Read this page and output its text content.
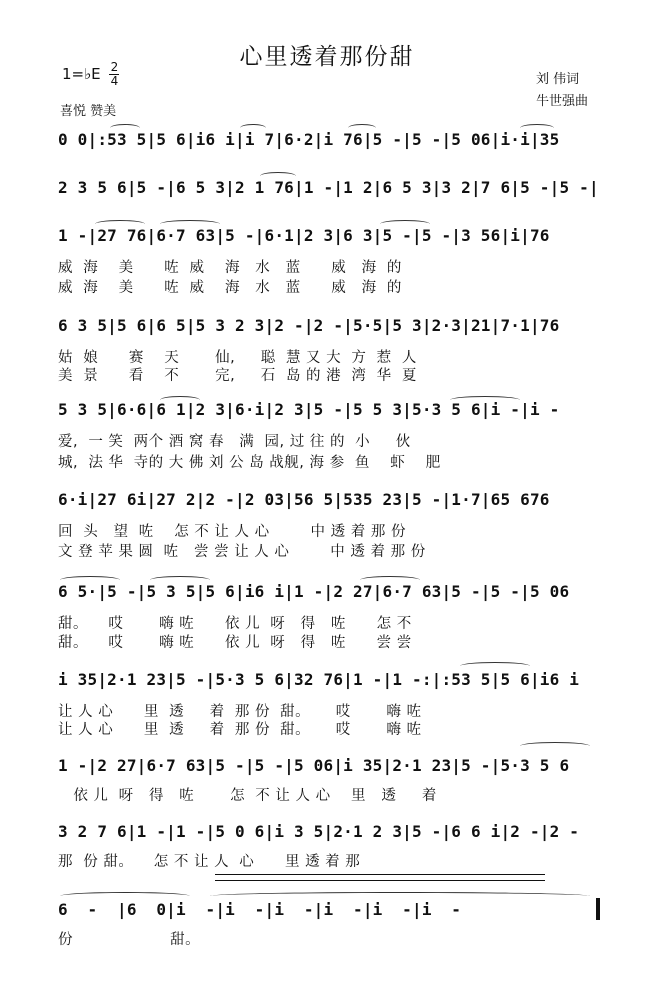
心里透着那份甜
1=♭E $\frac{2}{4}$
喜悦 赞美
刘 伟词
牛世强曲
0 0|:53 5|5 6|i6 i|i 7|6·2|i 76|5 -|5 -|5 06|i·i|35
2 3 5 6|5 -|6 5 3|2 1 76|1 -|1 2|6 5 3|3 2|7 6|5 -|5 -|
1 -|27 76|6·7 63|5 -|6·1|2 3|6 3|5 -|5 -|3 56|i|76
威  海    美      咗  威    海   水   蓝      威   海  的
威  海    美      咗  威    海   水   蓝      威   海  的
6 3 5|5 6|6 5|5 3 2 3|2 -|2 -|5·5|5 3|2·3|21|7·1|76
姑  娘      赛    天       仙,     聪  慧 又 大  方  惹  人
美  景      看    不       完,     石  岛 的 港  湾  华  夏
5 3 5|6·6|6 1|2 3|6·i|2 3|5 -|5 5 3|5·3 5 6|i -|i -
爱,  一 笑  两个 酒 窝 春   满  园, 过 往 的  小     伙
城,  法 华  寺的 大 佛 刘 公 岛 战舰, 海 参  鱼    虾    肥
6·i|27 6i|27 2|2 -|2 03|56 5|535 23|5 -|1·7|65 676
回  头   望  咗    怎 不 让 人 心        中 透 着 那 份
文 登 苹 果 圆  咗   尝 尝 让 人 心        中 透 着 那 份
6 5·|5 -|5 3 5|5 6|i6 i|1 -|2 27|6·7 63|5 -|5 -|5 06
甜。    哎       嗨 咗      依 儿  呀   得   咗      怎 不
甜。    哎       嗨 咗      依 儿  呀   得   咗      尝 尝
i 35|2·1 23|5 -|5·3 5 6|32 76|1 -|1 -:|:53 5|5 6|i6 i
让 人 心      里  透     着  那 份  甜。     哎       嗨 咗
让 人 心      里  透     着  那 份  甜。     哎       嗨 咗
1 -|2 27|6·7 63|5 -|5 -|5 06|i 35|2·1 23|5 -|5·3 5 6
依 儿  呀   得   咗       怎  不 让 人 心    里   透     着
3 2 7 6|1 -|1 -|5 0 6|i 3 5|2·1 2 3|5 -|6 6 i|2 -|2 -
那  份 甜。    怎 不 让 人  心      里 透 着 那
6  -  |6  0|i  -|i  -|i  -|i  -|i  -|i  -
份                   甜。
